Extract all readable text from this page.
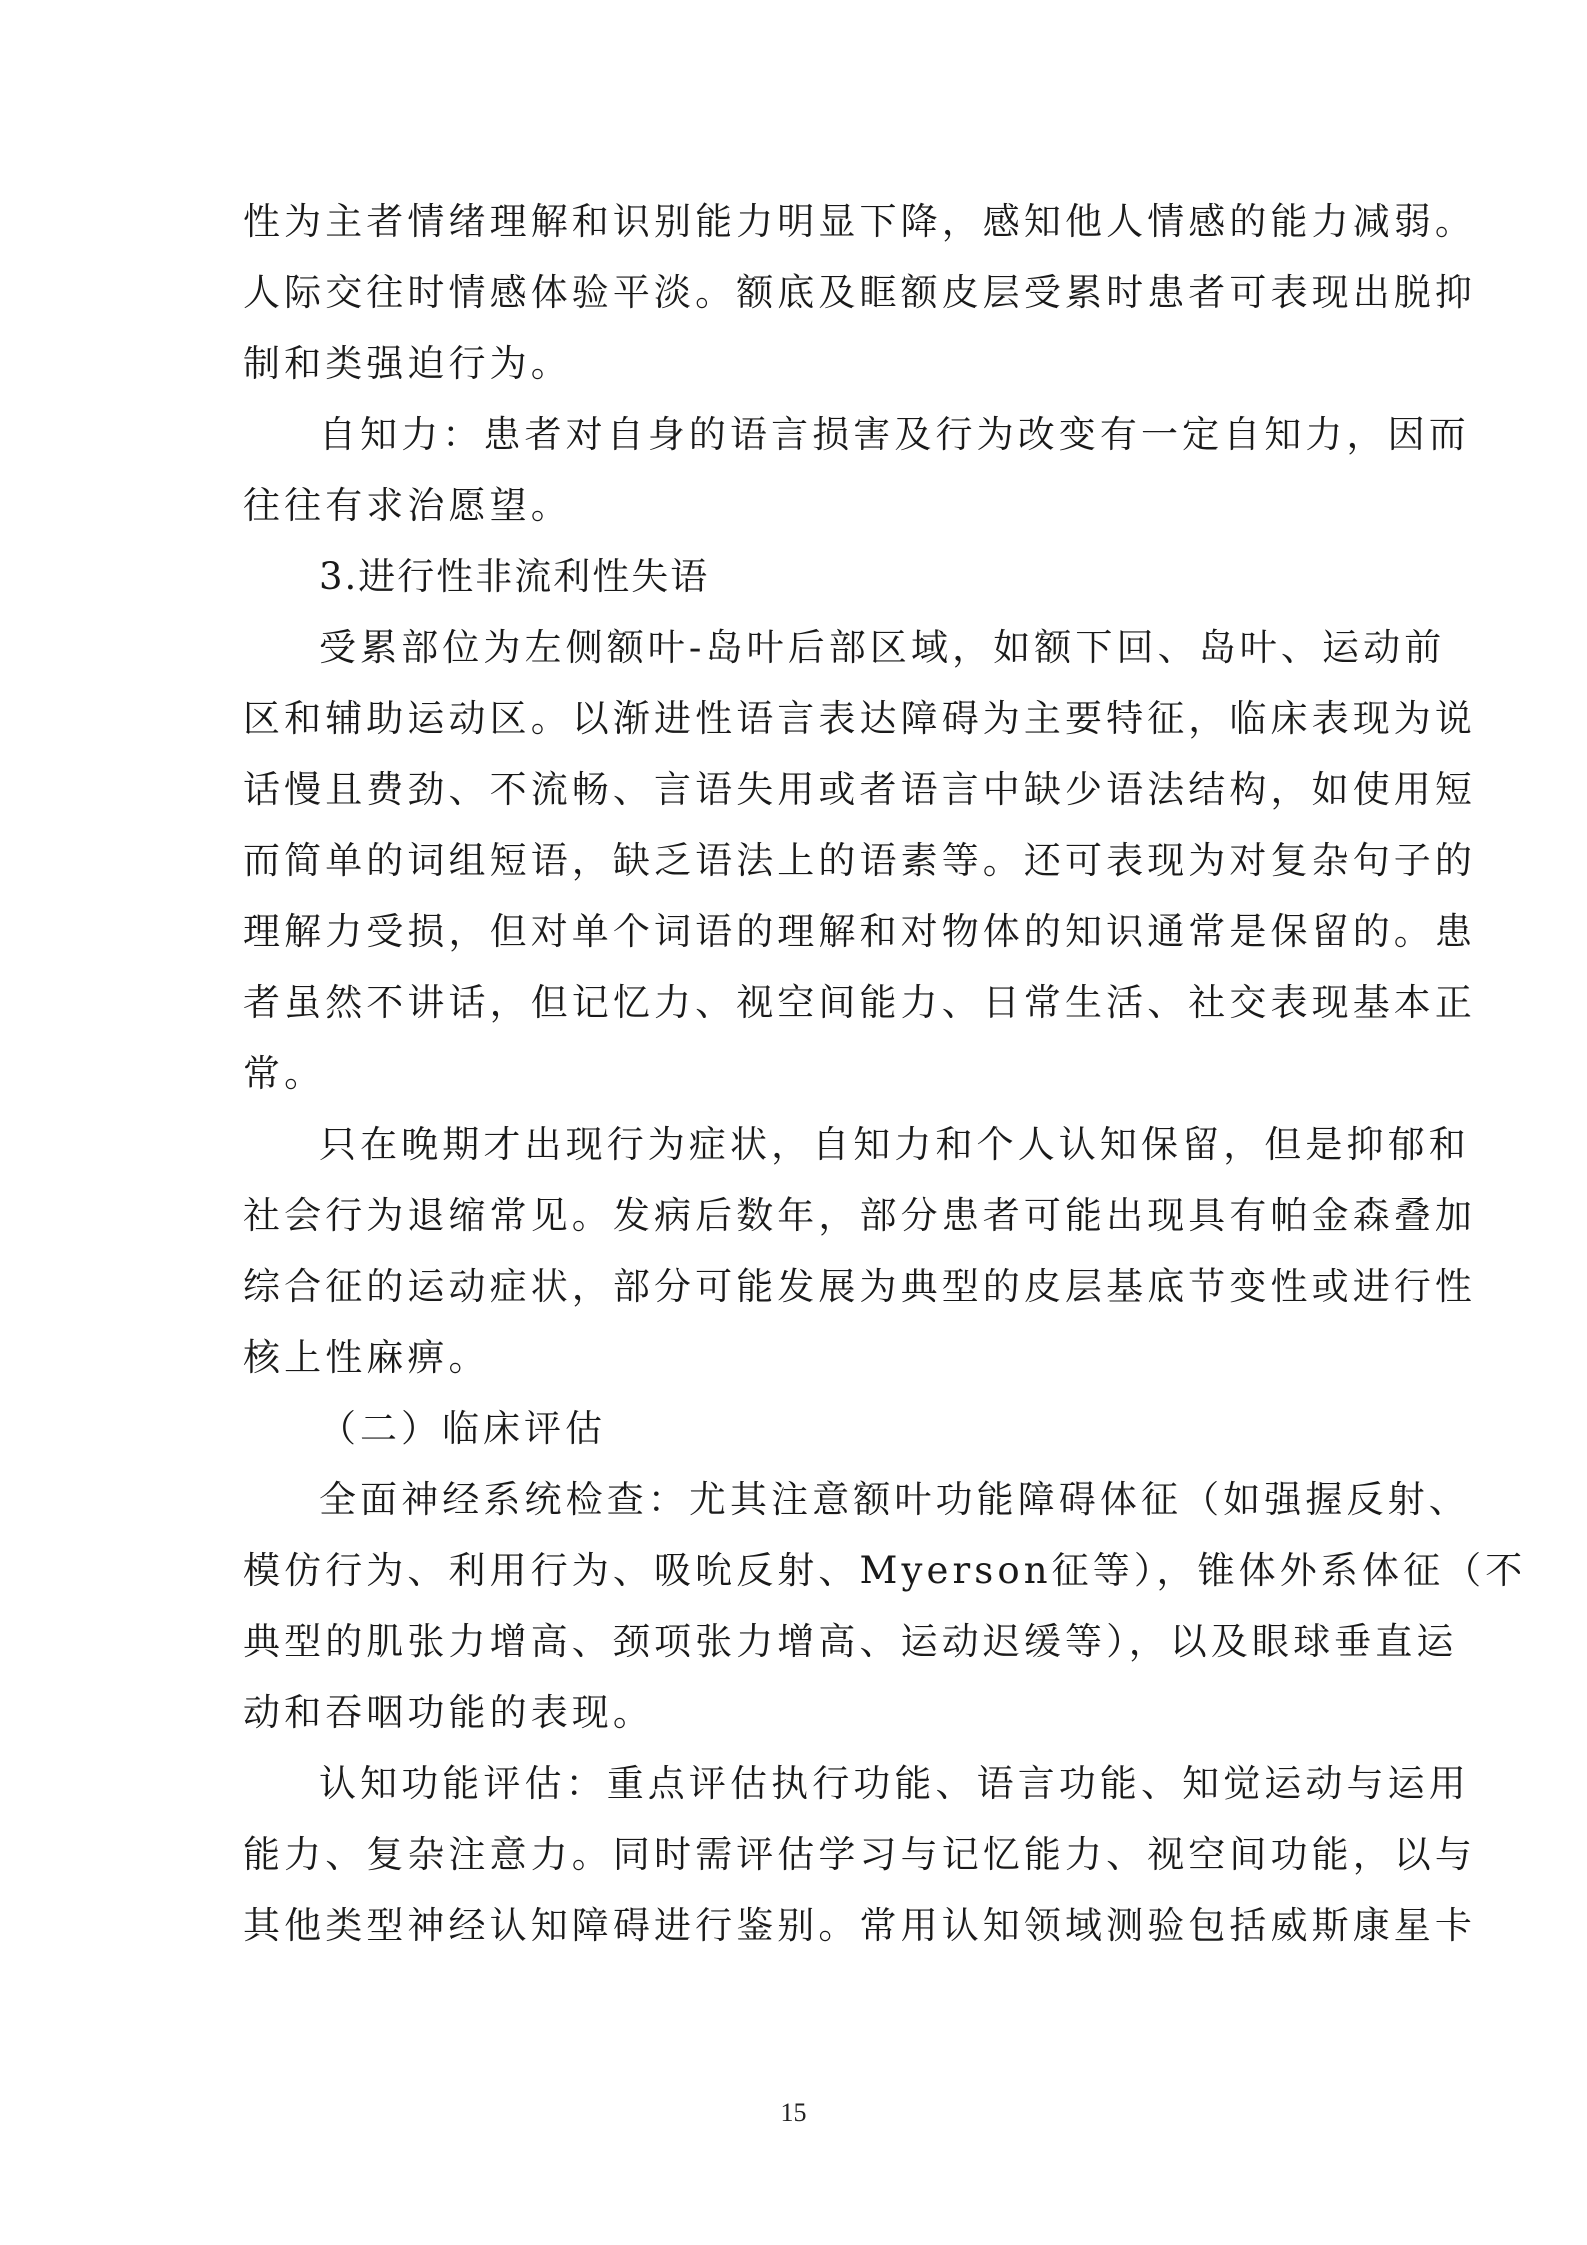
性为主者情绪理解和识别能力明显下降，感知他人情感的能力减弱。
人际交往时情感体验平淡。额底及眶额皮层受累时患者可表现出脱抑
制和类强迫行为。
自知力：患者对自身的语言损害及行为改变有一定自知力，因而
往往有求治愿望。
3.进行性非流利性失语
受累部位为左侧额叶-岛叶后部区域，如额下回、岛叶、运动前
区和辅助运动区。以渐进性语言表达障碍为主要特征，临床表现为说
话慢且费劲、不流畅、言语失用或者语言中缺少语法结构，如使用短
而简单的词组短语，缺乏语法上的语素等。还可表现为对复杂句子的
理解力受损，但对单个词语的理解和对物体的知识通常是保留的。患
者虽然不讲话，但记忆力、视空间能力、日常生活、社交表现基本正
常。
只在晚期才出现行为症状，自知力和个人认知保留，但是抑郁和
社会行为退缩常见。发病后数年，部分患者可能出现具有帕金森叠加
综合征的运动症状，部分可能发展为典型的皮层基底节变性或进行性
核上性麻痹。
（二）临床评估
全面神经系统检查：尤其注意额叶功能障碍体征（如强握反射、
模仿行为、利用行为、吸吮反射、Myerson征等），锥体外系体征（不
典型的肌张力增高、颈项张力增高、运动迟缓等），以及眼球垂直运
动和吞咽功能的表现。
认知功能评估：重点评估执行功能、语言功能、知觉运动与运用
能力、复杂注意力。同时需评估学习与记忆能力、视空间功能，以与
其他类型神经认知障碍进行鉴别。常用认知领域测验包括威斯康星卡
15
